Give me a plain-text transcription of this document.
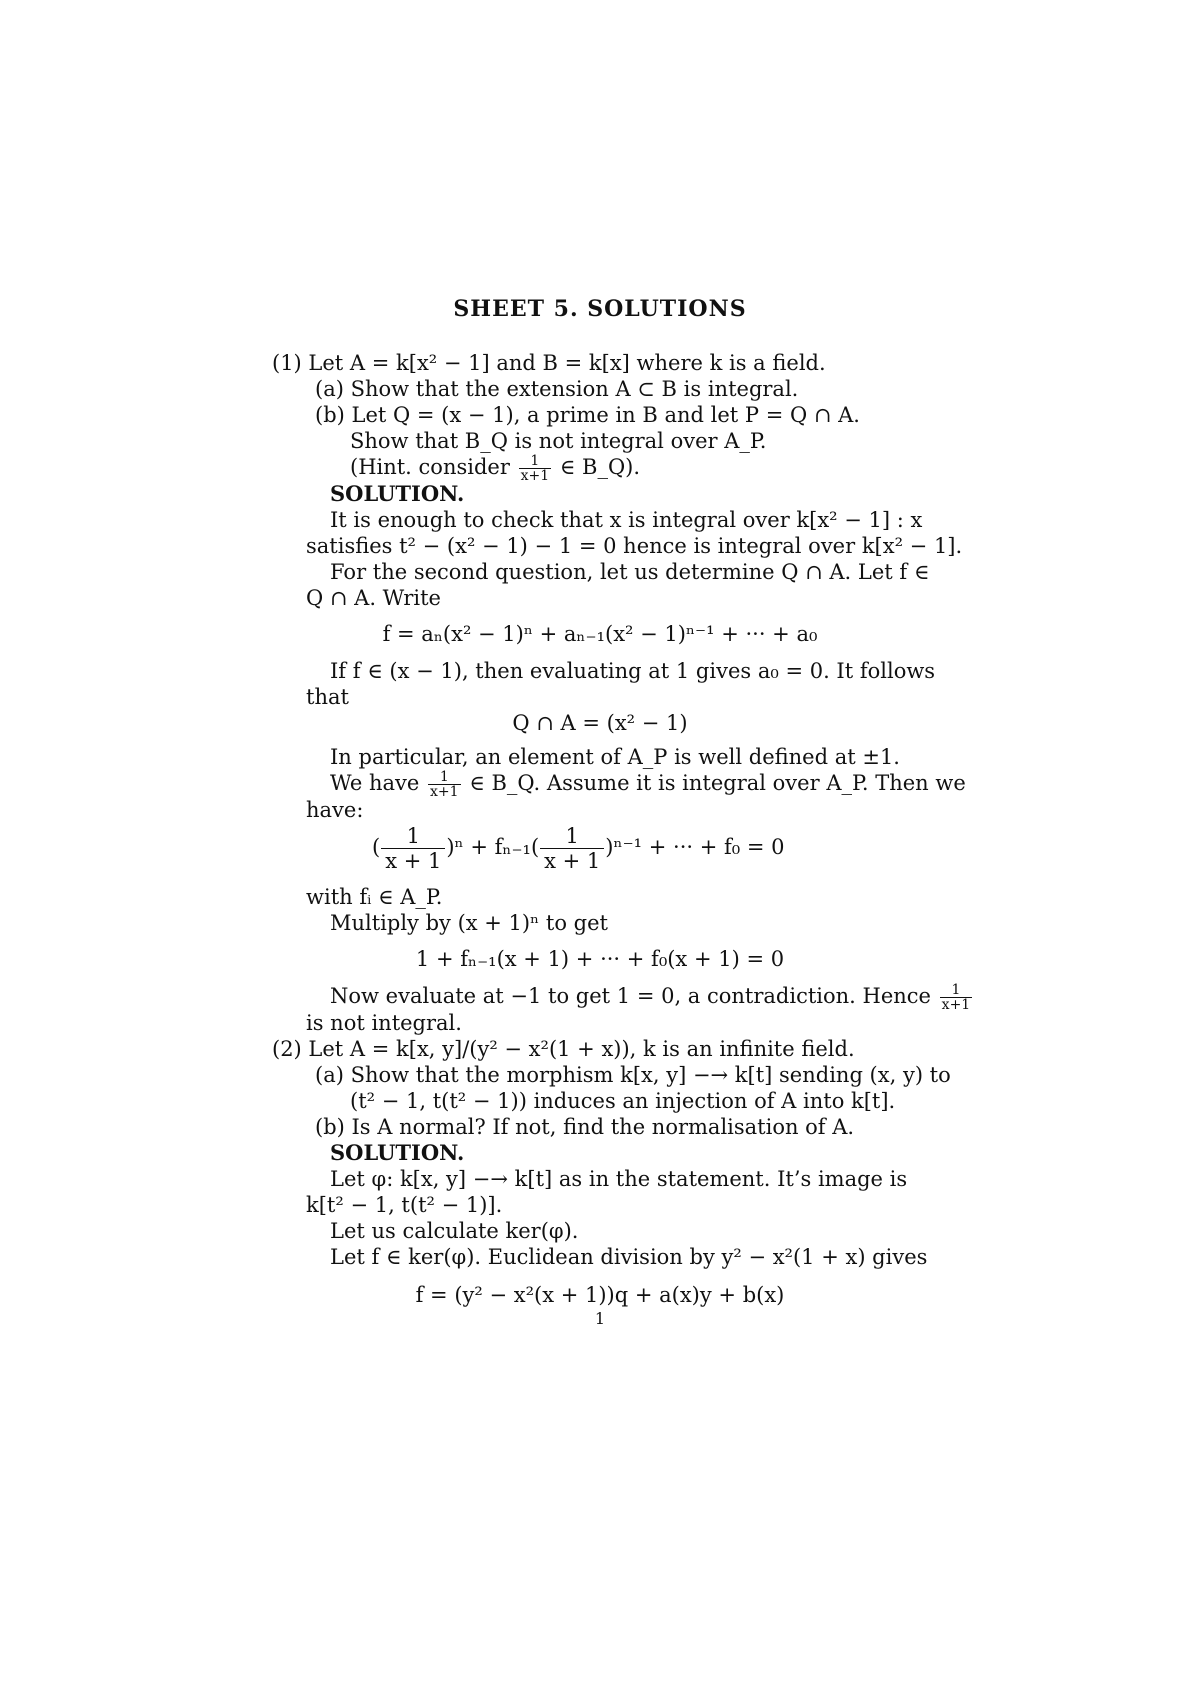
SHEET 5. SOLUTIONS
(1) Let A = k[x² − 1] and B = k[x] where k is a field.
(a) Show that the extension A ⊂ B is integral.
(b) Let Q = (x − 1), a prime in B and let P = Q ∩ A.
Show that B_Q is not integral over A_P.
(Hint. consider $\frac{1}{x+1}$ ∈ B_Q).
SOLUTION.
It is enough to check that x is integral over k[x² − 1] : x
satisfies t² − (x² − 1) − 1 = 0 hence is integral over k[x² − 1].
For the second question, let us determine Q ∩ A. Let f ∈
Q ∩ A. Write
f = aₙ(x² − 1)ⁿ + aₙ₋₁(x² − 1)ⁿ⁻¹ + ··· + a₀
If f ∈ (x − 1), then evaluating at 1 gives a₀ = 0. It follows
that
Q ∩ A = (x² − 1)
In particular, an element of A_P is well defined at ±1.
We have $\frac{1}{x+1}$ ∈ B_Q. Assume it is integral over A_P. Then we
have:
( $\frac{1}{x + 1} )^n + f_{n-1}( \frac{1}{x + 1} )^{n-1}$ + ··· + f₀ = 0
with fᵢ ∈ A_P.
Multiply by (x + 1)ⁿ to get
1 + fₙ₋₁(x + 1) + ··· + f₀(x + 1) = 0
Now evaluate at −1 to get 1 = 0, a contradiction. Hence $\frac{1}{x+1}$
is not integral.
(2) Let A = k[x, y]/(y² − x²(1 + x)), k is an infinite field.
(a) Show that the morphism k[x, y] −→ k[t] sending (x, y) to
(t² − 1, t(t² − 1)) induces an injection of A into k[t].
(b) Is A normal? If not, find the normalisation of A.
SOLUTION.
Let φ: k[x, y] −→ k[t] as in the statement. It’s image is
k[t² − 1, t(t² − 1)].
Let us calculate ker(φ).
Let f ∈ ker(φ). Euclidean division by y² − x²(1 + x) gives
f = (y² − x²(x + 1))q + a(x)y + b(x)
1
